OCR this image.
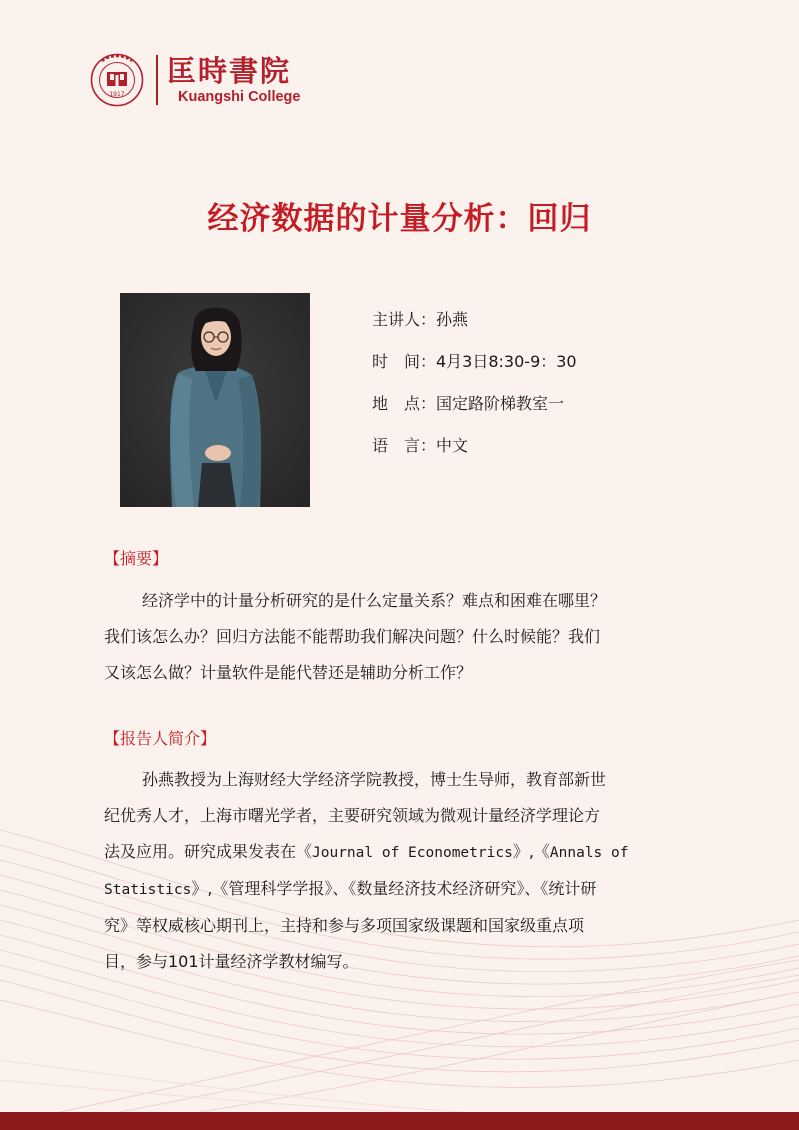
1917
匡時書院
Kuangshi College
经济数据的计量分析：回归
主讲人：孙燕
时　间：4月3日8:30-9：30
地　点：国定路阶梯教室一
语　言：中文
【摘要】
经济学中的计量分析研究的是什么定量关系？难点和困难在哪里？
我们该怎么办？回归方法能不能帮助我们解决问题？什么时候能？我们
又该怎么做？计量软件是能代替还是辅助分析工作？
【报告人简介】
孙燕教授为上海财经大学经济学院教授，博士生导师，教育部新世
纪优秀人才，上海市曙光学者，主要研究领域为微观计量经济学理论方
法及应用。研究成果发表在《Journal of Econometrics》,《Annals of
Statistics》,《管理科学学报》、《数量经济技术经济研究》、《统计研
究》等权威核心期刊上，主持和参与多项国家级课题和国家级重点项
目，参与101计量经济学教材编写。
